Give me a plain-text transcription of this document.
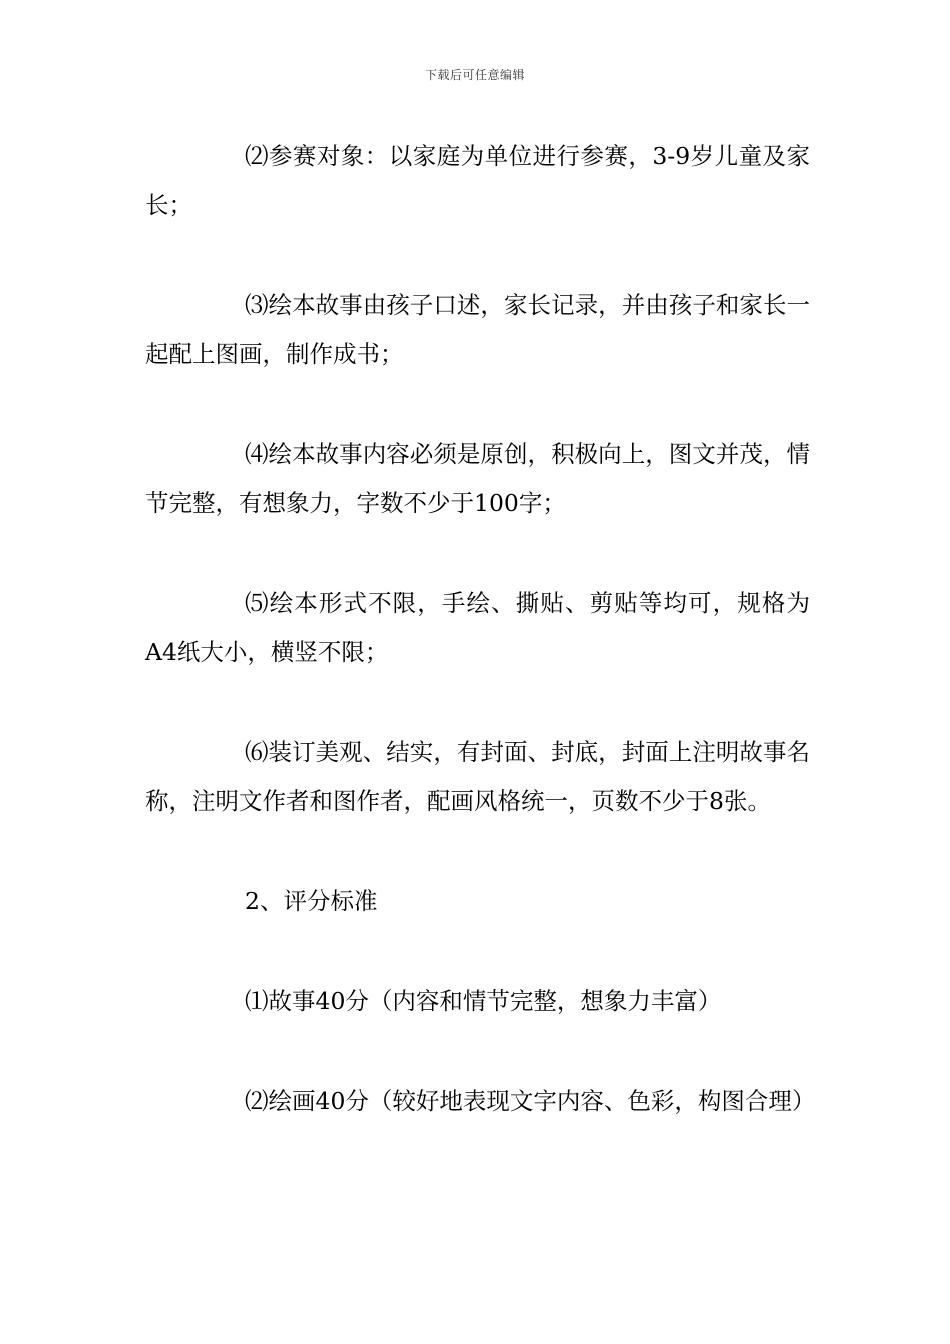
下载后可任意编辑

⑵参赛对象：以家庭为单位进行参赛，3-9岁儿童及家长；

⑶绘本故事由孩子口述，家长记录，并由孩子和家长一起配上图画，制作成书；

⑷绘本故事内容必须是原创，积极向上，图文并茂，情节完整，有想象力，字数不少于100字；

⑸绘本形式不限，手绘、撕贴、剪贴等均可，规格为A4纸大小，横竖不限；

⑹装订美观、结实，有封面、封底，封面上注明故事名称，注明文作者和图作者，配画风格统一，页数不少于8张。

2、评分标准

⑴故事40分（内容和情节完整，想象力丰富）

⑵绘画40分（较好地表现文字内容、色彩，构图合理）
